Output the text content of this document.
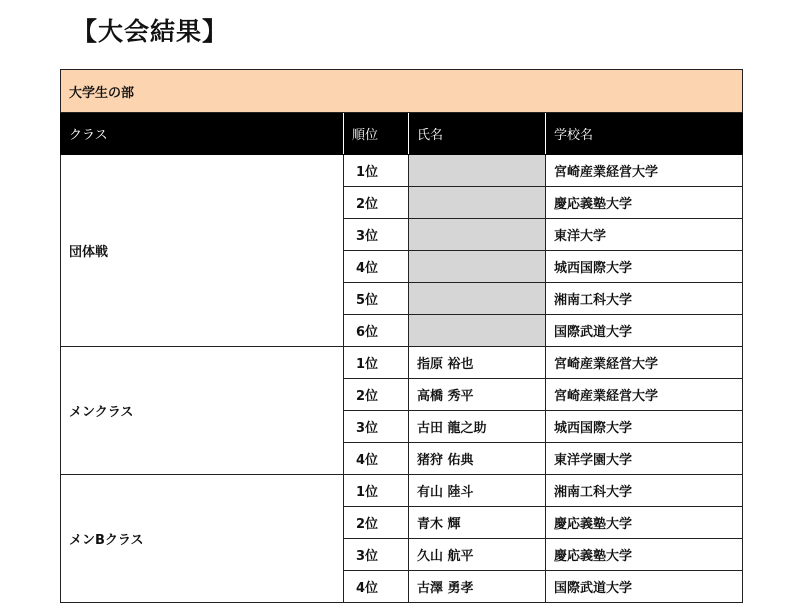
【大会結果】
大学生の部			
クラス	順位	氏名	学校名
団体戦	1位		宮崎産業経営大学
	2位		慶応義塾大学
	3位		東洋大学
	4位		城西国際大学
	5位		湘南工科大学
	6位		国際武道大学
メンクラス	1位	指原 裕也	宮崎産業経営大学
	2位	高橋 秀平	宮崎産業経営大学
	3位	古田 龍之助	城西国際大学
	4位	猪狩 佑典	東洋学園大学
メンBクラス	1位	有山 陸斗	湘南工科大学
	2位	青木 輝	慶応義塾大学
	3位	久山 航平	慶応義塾大学
	4位	古澤 勇孝	国際武道大学
